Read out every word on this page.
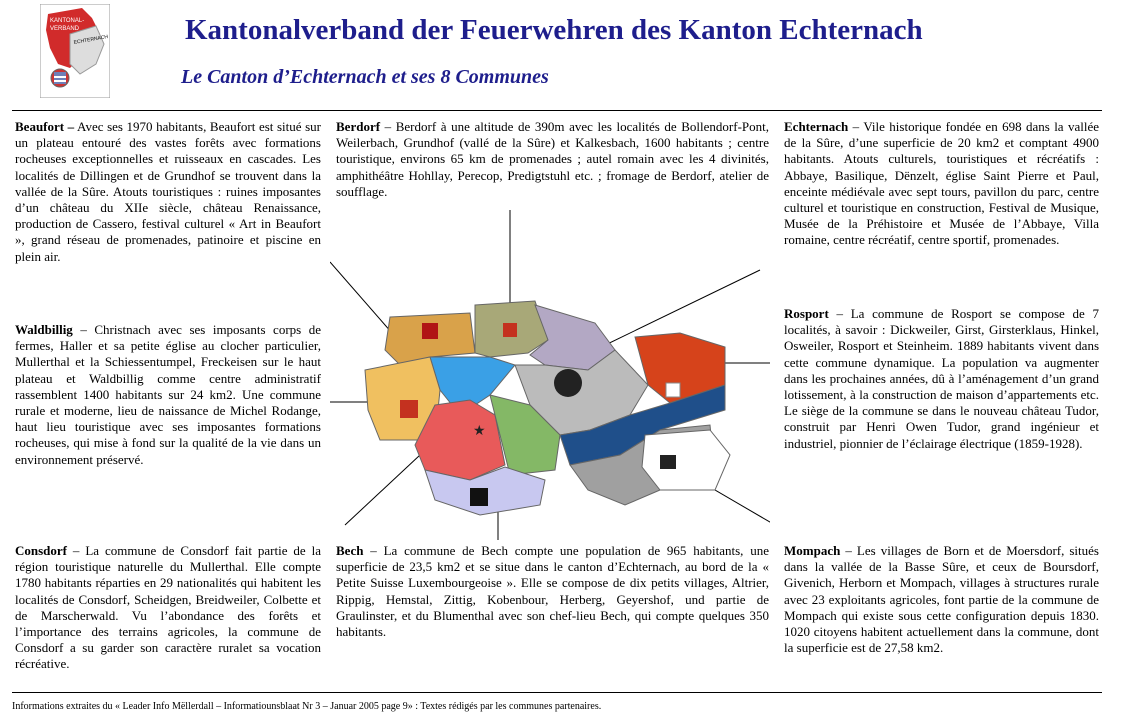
KANTONAL-
VERBAND
ECHTERNACH	Kantonalverband der Feuerwehren des Kanton Echternach
Le Canton d’Echternach et ses 8 Communes
Beaufort – Avec ses 1970 habitants, Beaufort est situé sur un plateau entouré des vastes forêts avec formations rocheuses exceptionnelles et ruisseaux en cascades. Les localités de Dillingen et de Grundhof se trouvent dans la vallée de la Sûre. Atouts touristiques : ruines imposantes d’un château du XIIe siècle, château Renaissance, production de Cassero, festival culturel « Art in Beaufort », grand réseau de promenades, patinoire et piscine en plein air.
Berdorf – Berdorf à une altitude de 390m avec les localités de Bollendorf-Pont, Weilerbach, Grundhof (vallé de la Sûre) et Kalkesbach, 1600 habitants ; centre touristique, environs 65 km de promenades ; autel romain avec les 4 divinités, amphithéâtre Hohllay, Perecop, Predigtstuhl etc. ; fromage de Berdorf, atelier de soufflage.
Echternach – Vile historique fondée en 698 dans la vallée de la Sûre, d’une superficie de 20 km2 et comptant 4900 habitants. Atouts culturels, touristiques et récréatifs : Abbaye, Basilique, Dënzelt, église Saint Pierre et Paul, enceinte médiévale avec sept tours, pavillon du parc, centre culturel et touristique en construction, Festival de Musique, Musée de la Préhistoire et Musée de l’Abbaye, Villa romaine, centre récréatif, centre sportif, promenades.
Waldbillig – Christnach avec ses imposants corps de fermes, Haller et sa petite église au clocher particulier, Mullerthal et la Schiessentumpel, Freckeisen sur le haut plateau et Waldbillig comme centre administratif rassemblent 1400 habitants sur 24 km2. Une commune rurale et moderne, lieu de naissance de Michel Rodange, haut lieu touristique avec ses imposantes formations rocheuses, qui mise à fond sur la qualité de la vie dans un environnement préservé.
Rosport – La commune de Rosport se compose de 7 localités, à savoir : Dickweiler, Girst, Girsterklaus, Hinkel, Osweiler, Rosport et Steinheim. 1889 habitants vivent dans cette commune dynamique. La population va augmenter dans les prochaines années, dû à l’aménagement d’un grand lotissement, à la construction de maison d’appartements etc. Le siège de la commune se dans le nouveau château Tudor, construit par Henri Owen Tudor, grand ingénieur et industriel, pionnier de l’éclairage électrique (1859-1928).
Consdorf – La commune de Consdorf fait partie de la région touristique naturelle du Mullerthal. Elle compte 1780 habitants réparties en 29 nationalités qui habitent les localités de Consdorf, Scheidgen, Breidweiler, Colbette et de Marscherwald. Vu l’abondance des forêts et l’importance des terrains agricoles, la commune de Consdorf a su garder son caractère ruralet sa vocation récréative.
Bech – La commune de Bech compte une population de 965 habitants, une superficie de 23,5 km2 et se situe dans le canton d’Echternach, au bord de la « Petite Suisse Luxembourgeoise ». Elle se compose de dix petits villages, Altrier, Rippig, Hemstal, Zittig, Kobenbour, Herberg, Geyershof, und partie de Graulinster, et du Blumenthal avec son chef-lieu Bech, qui compte quelques 350 habitants.
Mompach – Les villages de Born et de Moersdorf, situés dans la vallée de la Basse Sûre, et ceux de Boursdorf, Givenich, Herborn et Mompach, villages à structures rurale avec 23 exploitants agricoles, font partie de la commune de Mompach qui existe sous cette configuration depuis 1830. 1020 citoyens habitent actuellement dans la commune, dont la superficie est de 27,58 km2.
★
Informations extraites du « Leader Info Mëllerdall – Informatiounsblaat Nr 3 – Januar 2005 page 9» : Textes rédigés par les communes partenaires.
